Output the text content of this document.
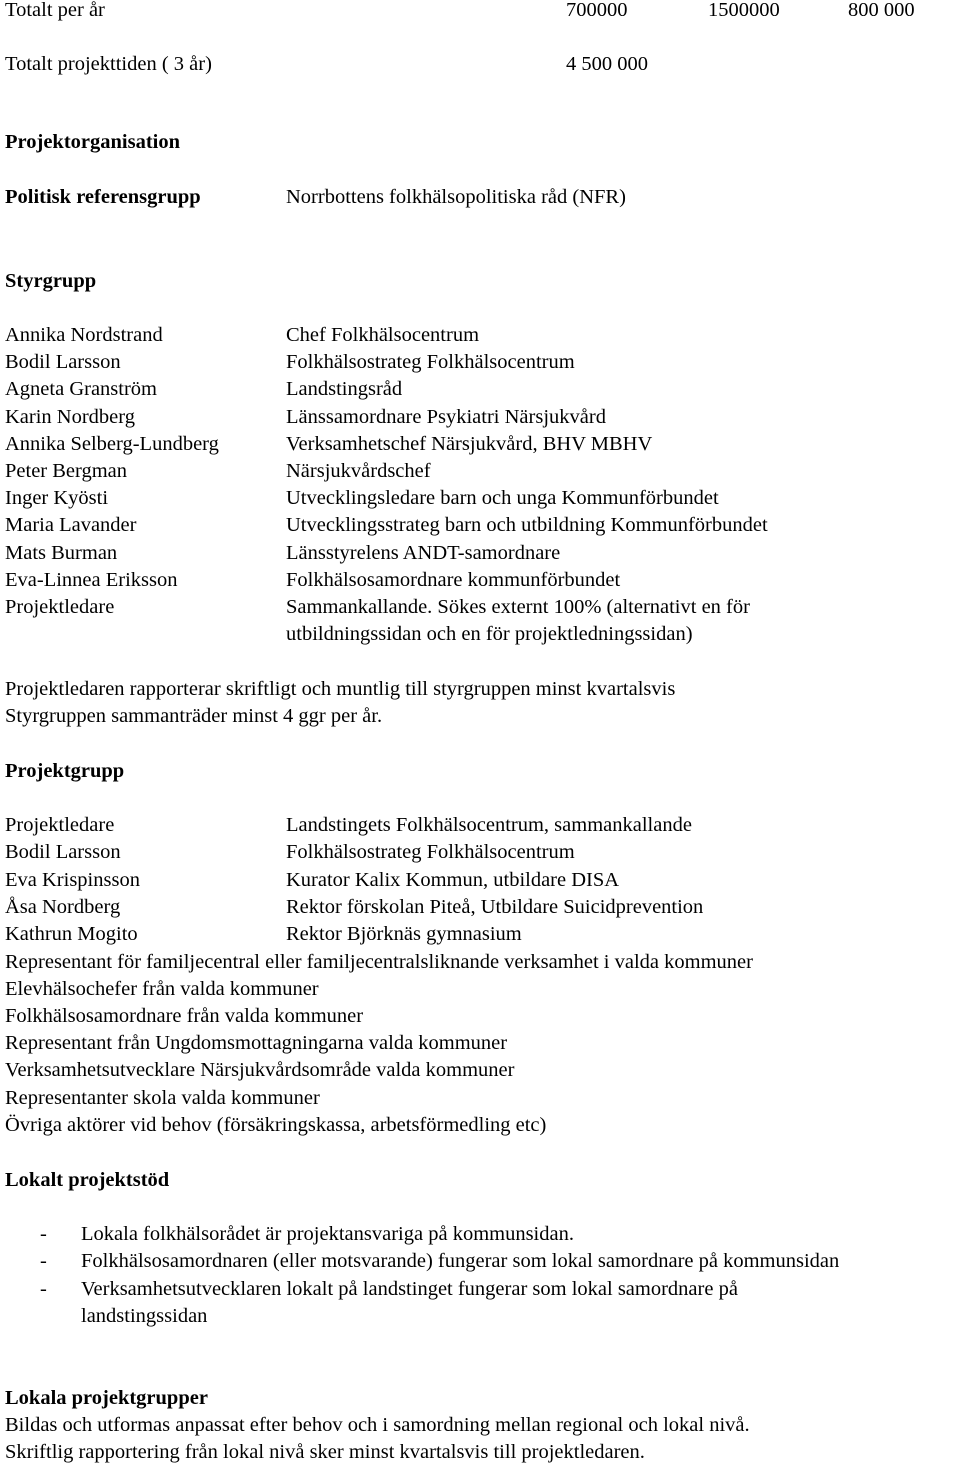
Totalt per år	700000	1500000	800 000
Totalt projekttiden ( 3 år)	4 500 000
Projektorganisation
Politisk referensgrupp	Norrbottens folkhälsopolitiska råd (NFR)
Styrgrupp
Annika Nordstrand	Chef Folkhälsocentrum
Bodil Larsson	Folkhälsostrateg Folkhälsocentrum
Agneta Granström	Landstingsråd
Karin Nordberg	Länssamordnare Psykiatri Närsjukvård
Annika Selberg-Lundberg	Verksamhetschef Närsjukvård, BHV MBHV
Peter Bergman	Närsjukvårdschef
Inger Kyösti	Utvecklingsledare barn och unga Kommunförbundet
Maria Lavander	Utvecklingsstrateg barn och utbildning Kommunförbundet
Mats Burman	Länsstyrelens ANDT-samordnare
Eva-Linnea Eriksson	Folkhälsosamordnare kommunförbundet
Projektledare	Sammankallande. Sökes externt 100% (alternativt en för
utbildningssidan och en för projektledningssidan)
Projektledaren rapporterar skriftligt och muntlig till styrgruppen minst kvartalsvis
Styrgruppen sammanträder minst 4 ggr per år.
Projektgrupp
Projektledare	Landstingets Folkhälsocentrum, sammankallande
Bodil Larsson	Folkhälsostrateg Folkhälsocentrum
Eva Krispinsson	Kurator Kalix Kommun, utbildare DISA
Åsa Nordberg	Rektor förskolan Piteå, Utbildare Suicidprevention
Kathrun Mogito	Rektor Björknäs gymnasium
Representant för familjecentral eller familjecentralsliknande verksamhet i valda kommuner
Elevhälsochefer från valda kommuner
Folkhälsosamordnare från valda kommuner
Representant från Ungdomsmottagningarna valda kommuner
Verksamhetsutvecklare Närsjukvårdsområde valda kommuner
Representanter skola valda kommuner
Övriga aktörer vid behov (försäkringskassa, arbetsförmedling etc)
Lokalt projektstöd
- Lokala folkhälsorådet är projektansvariga på kommunsidan.
- Folkhälsosamordnaren (eller motsvarande) fungerar som lokal samordnare på kommunsidan
- Verksamhetsutvecklaren lokalt på landstinget fungerar som lokal samordnare på
landstingssidan
Lokala projektgrupper
Bildas och utformas anpassat efter behov och i samordning mellan regional och lokal nivå.
Skriftlig rapportering från lokal nivå sker minst kvartalsvis till projektledaren.
